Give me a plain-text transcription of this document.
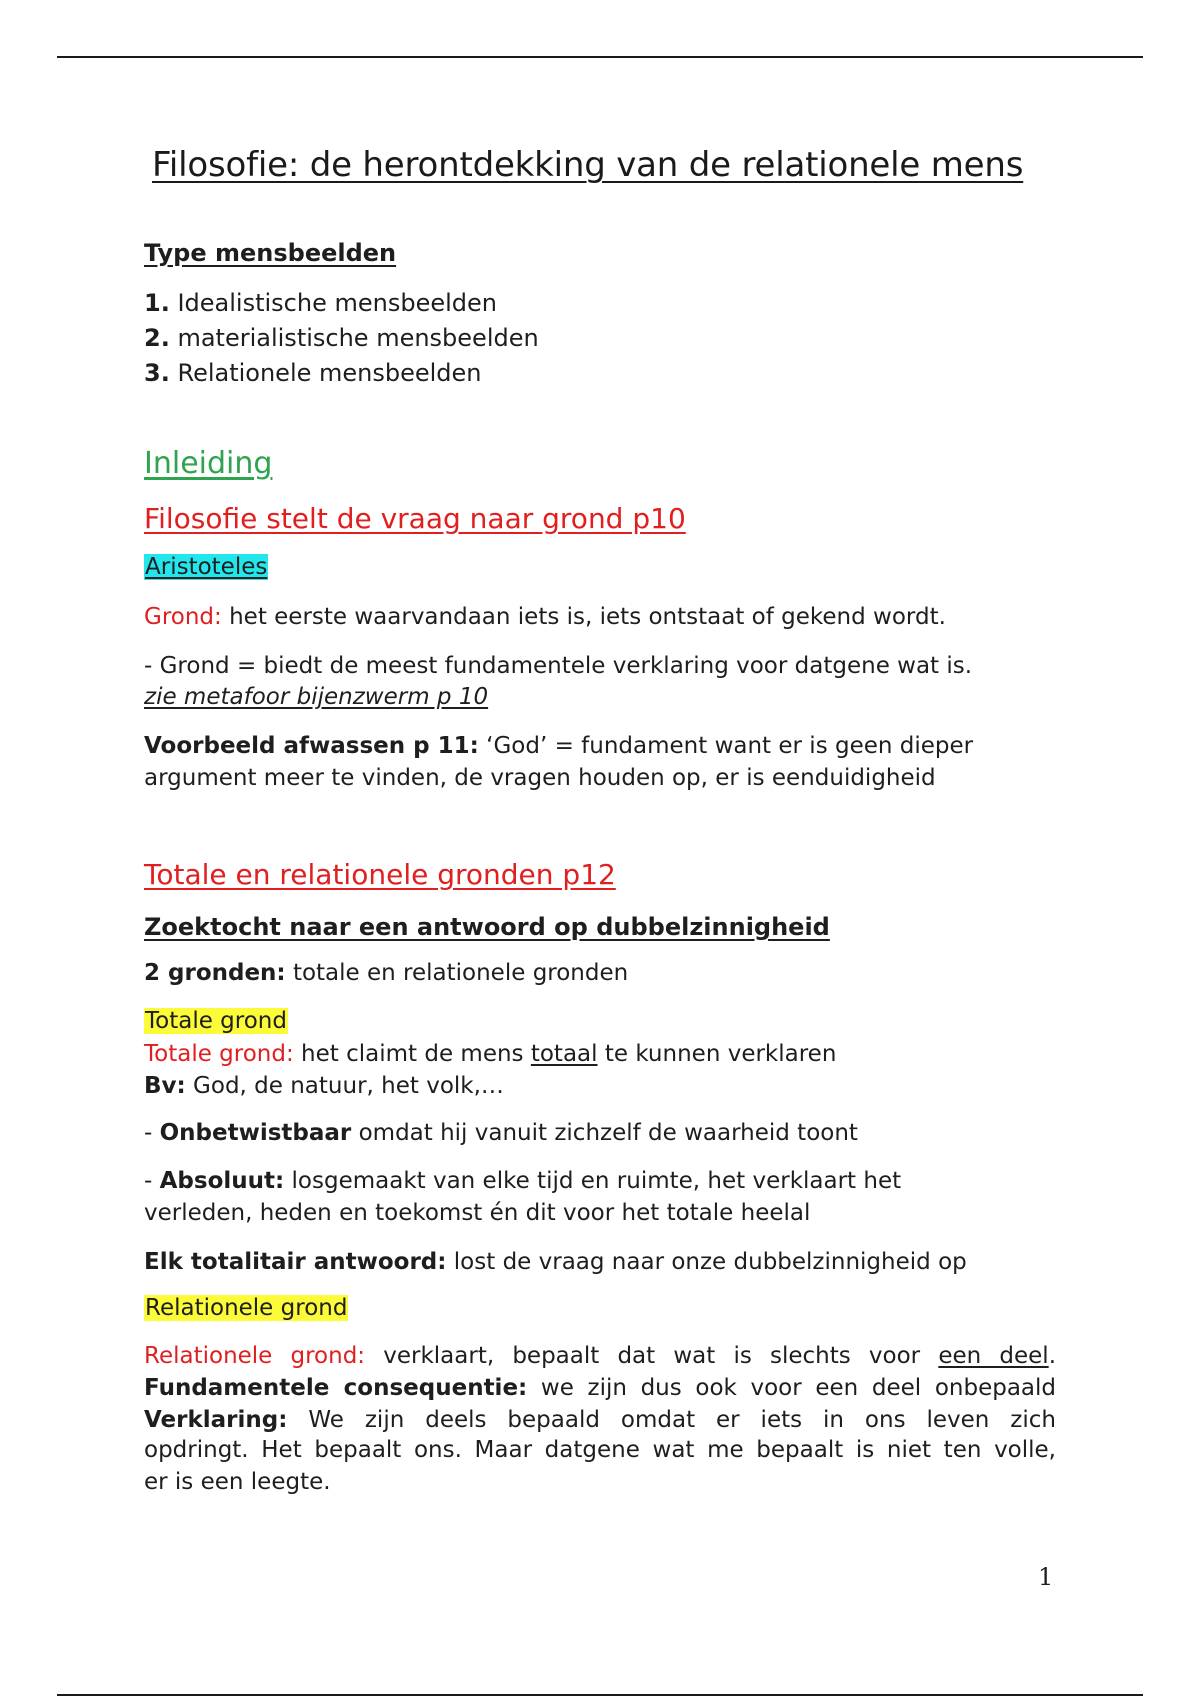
Filosofie: de herontdekking van de relationele mens
Type mensbeelden
1. Idealistische mensbeelden
2. materialistische mensbeelden
3. Relationele mensbeelden
Inleiding
Filosofie stelt de vraag naar grond p10
Aristoteles
Grond: het eerste waarvandaan iets is, iets ontstaat of gekend wordt.
- Grond = biedt de meest fundamentele verklaring voor datgene wat is.
zie metafoor bijenzwerm p 10
Voorbeeld afwassen p 11: ‘God’ = fundament want er is geen dieper
argument meer te vinden, de vragen houden op, er is eenduidigheid
Totale en relationele gronden p12
Zoektocht naar een antwoord op dubbelzinnigheid
2 gronden: totale en relationele gronden
Totale grond
Totale grond: het claimt de mens totaal te kunnen verklaren
Bv: God, de natuur, het volk,…
- Onbetwistbaar omdat hij vanuit zichzelf de waarheid toont
- Absoluut: losgemaakt van elke tijd en ruimte, het verklaart het
verleden, heden en toekomst én dit voor het totale heelal
Elk totalitair antwoord: lost de vraag naar onze dubbelzinnigheid op
Relationele grond
Relationele grond: verklaart, bepaalt dat wat is slechts voor een deel.
Fundamentele consequentie: we zijn dus ook voor een deel onbepaald
Verklaring: We zijn deels bepaald omdat er iets in ons leven zich
opdringt. Het bepaalt ons. Maar datgene wat me bepaalt is niet ten volle,
er is een leegte.
1
